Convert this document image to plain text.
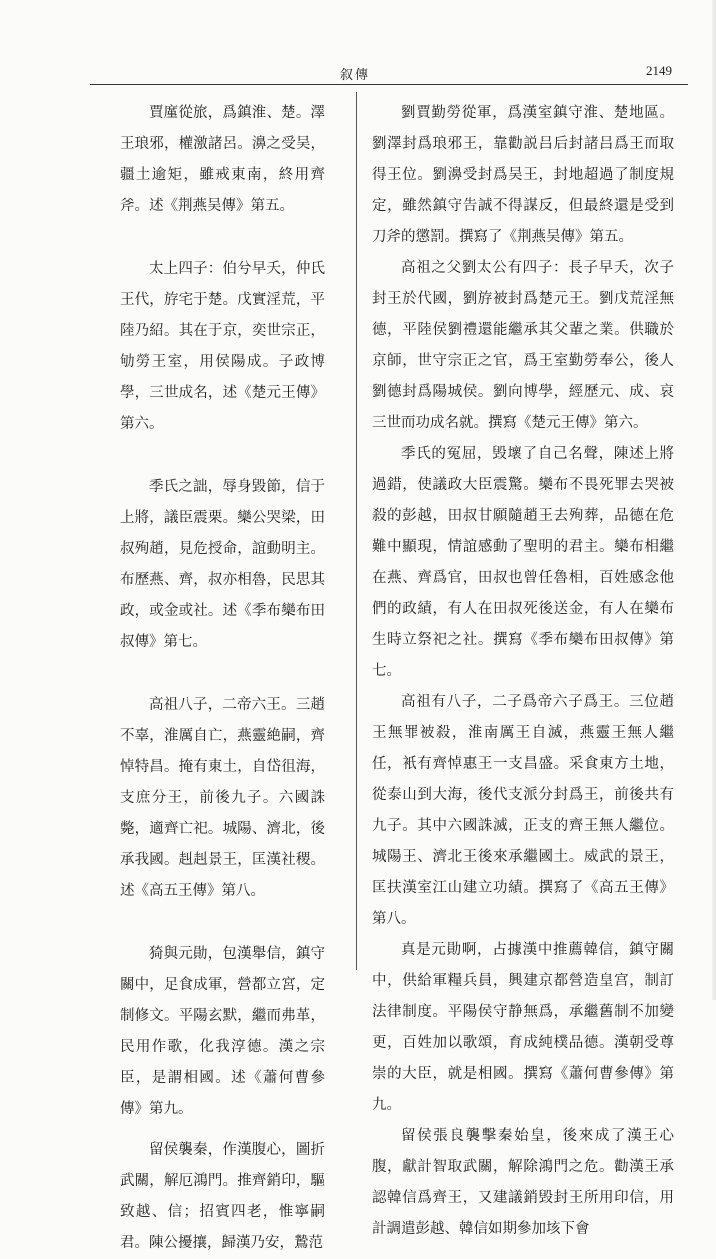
叙傳	2149

賈廑從旅，爲鎮淮、楚。澤王琅邪，權激諸呂。濞之受吴，疆土逾矩，雖戒東南，終用齊斧。述《荆燕吴傳》第五。

太上四子：伯兮早夭，仲氏王代，斿宅于楚。戊實淫荒，平陸乃紹。其在于京，奕世宗正，劬勞王室，用侯陽成。子政博學，三世成名，述《楚元王傳》第六。

季氏之詘，辱身毀節，信于上將，議臣震栗。欒公哭梁，田叔殉趙，見危授命，誼動明主。布歷燕、齊，叔亦相魯，民思其政，或金或社。述《季布欒布田叔傳》第七。

高祖八子，二帝六王。三趙不辜，淮厲自亡，燕靈絶嗣，齊悼特昌。掩有東土，自岱徂海，支庶分王，前後九子。六國誅斃，適齊亡祀。城陽、濟北，後承我國。赳赳景王，匡漢社稷。述《高五王傳》第八。

猗與元勛，包漢舉信，鎮守關中，足食成軍，營都立宮，定制修文。平陽玄默，繼而弗革，民用作歌，化我淳德。漢之宗臣，是謂相國。述《蕭何曹參傳》第九。

留侯襲秦，作漢腹心，圖折武關，解厄鴻門。推齊銷印，驅致越、信；招賓四老，惟寧嗣君。陳公擾攘，歸漢乃安，鷙范

劉賈勤勞從軍，爲漢室鎮守淮、楚地區。劉澤封爲琅邪王，靠勸説吕后封諸吕爲王而取得王位。劉濞受封爲吴王，封地超過了制度規定，雖然鎮守告誠不得謀反，但最終還是受到刀斧的懲罰。撰寫了《荆燕吴傳》第五。

高祖之父劉太公有四子：長子早夭，次子封王於代國，劉斿被封爲楚元王。劉戊荒淫無德，平陸侯劉禮還能繼承其父輩之業。供職於京師，世守宗正之官，爲王室勤勞奉公，後人劉德封爲陽城侯。劉向博學，經歷元、成、哀三世而功成名就。撰寫《楚元王傳》第六。

季氏的冤屈，毁壞了自己名聲，陳述上將過錯，使議政大臣震驚。欒布不畏死罪去哭被殺的彭越，田叔甘願隨趙王去殉葬，品德在危難中顯現，情誼感動了聖明的君主。欒布相繼在燕、齊爲官，田叔也曾任魯相，百姓感念他們的政績，有人在田叔死後送金，有人在欒布生時立祭祀之社。撰寫《季布欒布田叔傳》第七。

高祖有八子，二子爲帝六子爲王。三位趙王無罪被殺，淮南厲王自滅，燕靈王無人繼任，衹有齊悼惠王一支昌盛。采食東方土地，從泰山到大海，後代支派分封爲王，前後共有九子。其中六國誅滅，正支的齊王無人繼位。城陽王、濟北王後來承繼國土。威武的景王，匡扶漢室江山建立功績。撰寫了《高五王傳》第八。

真是元勛啊，占據漢中推薦韓信，鎮守關中，供給軍糧兵員，興建京都營造皇宫，制訂法律制度。平陽侯守静無爲，承繼舊制不加變更，百姓加以歌頌，育成純樸品德。漢朝受尊崇的大臣，就是相國。撰寫《蕭何曹參傳》第九。

留侯張良襲擊秦始皇，後來成了漢王心腹，獻計智取武關，解除鴻門之危。勸漢王承認韓信爲齊王，又建議銷毁封王所用印信，用計調遣彭越、韓信如期參加垓下會
